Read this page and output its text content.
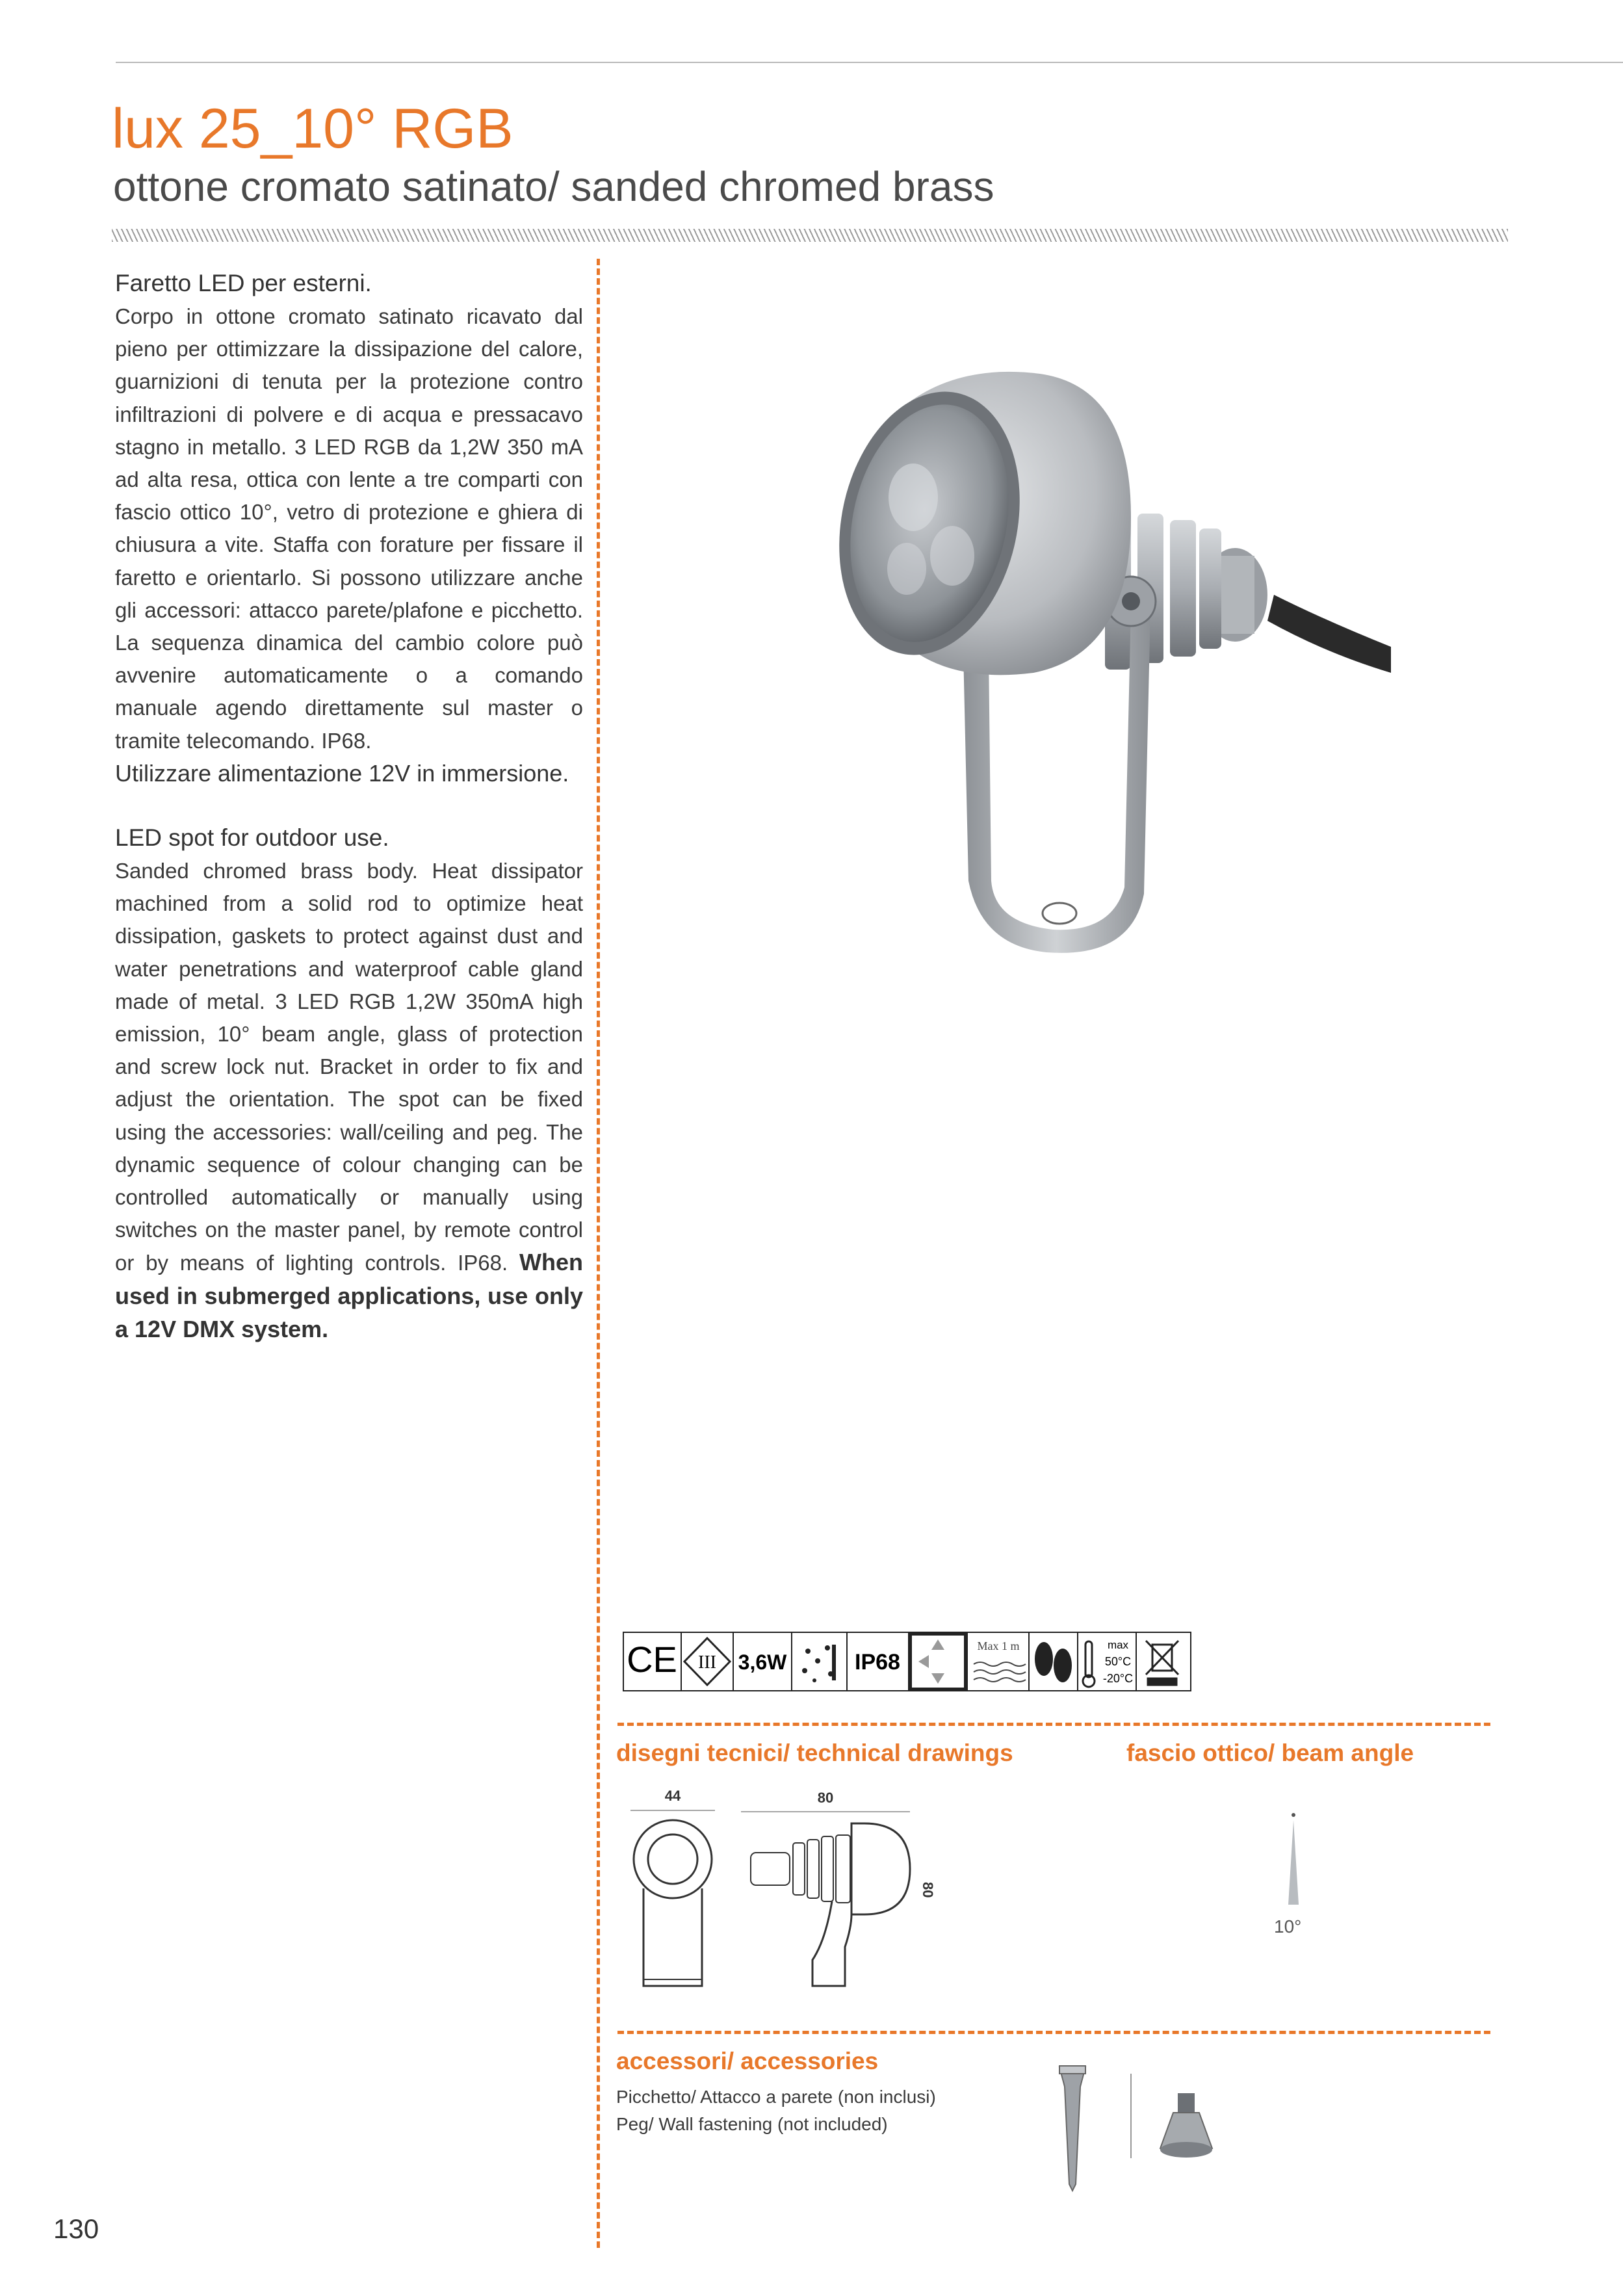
lux 25_10° RGB
ottone cromato satinato/ sanded chromed brass
Faretto LED per esterni.

Corpo in ottone cromato satinato ricavato dal pieno per ottimizzare la dissipazione del calore, guarnizioni di tenuta per la protezione contro infiltrazioni di polvere e di acqua e pressacavo stagno in metallo. 3 LED RGB da 1,2W 350 mA ad alta resa, ottica con lente a tre comparti con fascio ottico 10°, vetro di protezione e ghiera di chiusura a vite. Staffa con forature per fissare il faretto e orientarlo. Si possono utilizzare anche gli accessori: attacco parete/plafone e picchetto. La sequenza dinamica del cambio colore può avvenire automaticamente o a comando manuale agendo direttamente sul master o tramite telecomando. IP68.

Utilizzare alimentazione 12V in immersione.

LED spot for outdoor use.

Sanded chromed brass body. Heat dissipator machined from a solid rod to optimize heat dissipation, gaskets to protect against dust and water penetrations and waterproof cable gland made of metal. 3 LED RGB 1,2W 350mA high emission, 10° beam angle, glass of protection and screw lock nut. Bracket in order to fix and adjust the orientation. The spot can be fixed using the accessories: wall/ceiling and peg. The dynamic sequence of colour changing can be controlled automatically or manually using switches on the master panel, by remote control or by means of lighting controls. IP68. When used in submerged applications, use only a 12V DMX system.

CE III 3,6W	IP68
Max 1 m	max
50°C
-20°C
disegni tecnici/ technical drawings	fascio ottico/ beam angle
44	80
80
10°
accessori/ accessories
Picchetto/ Attacco a parete (non inclusi)
Peg/ Wall fastening (not included)
130
